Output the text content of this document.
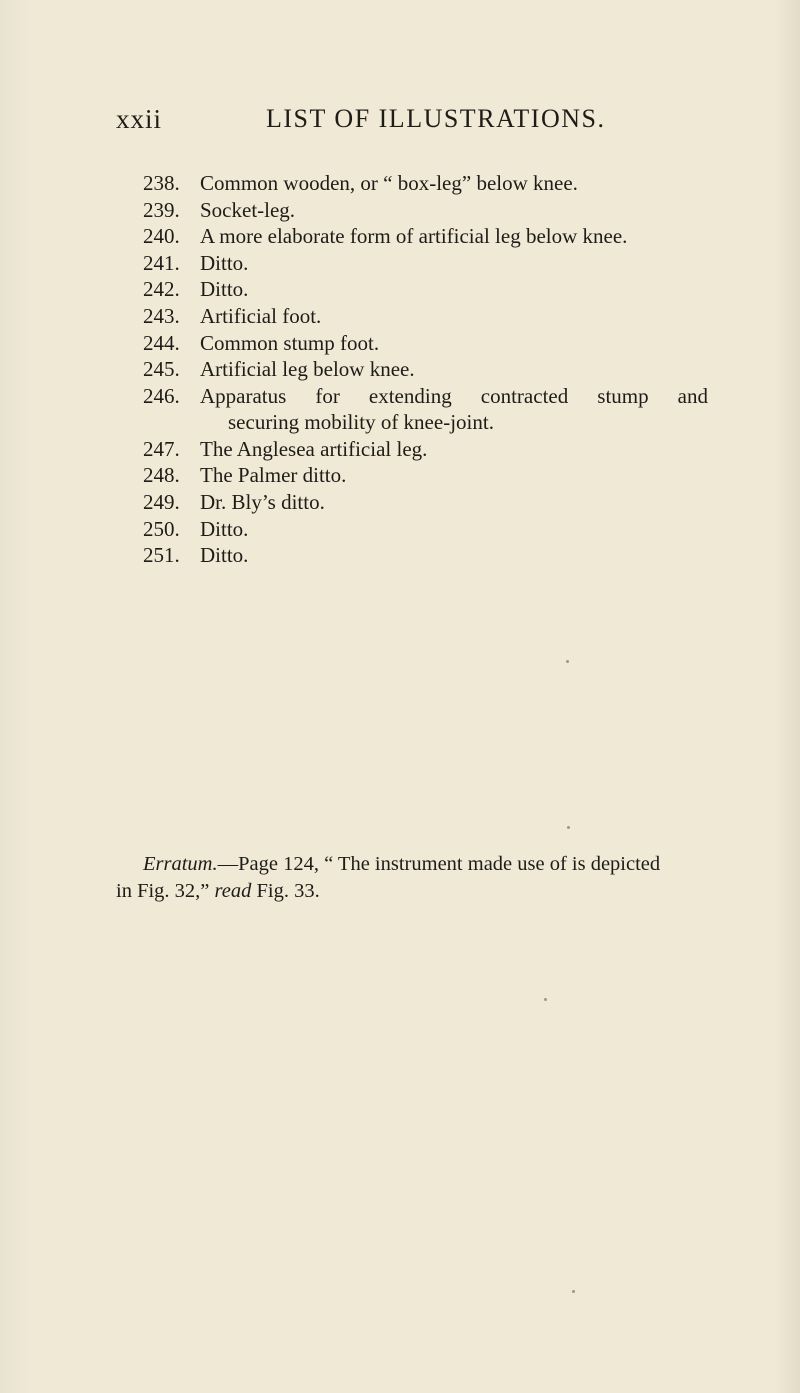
xxii	LIST OF ILLUSTRATIONS.
238. Common wooden, or “ box-leg” below knee.
239. Socket-leg.
240. A more elaborate form of artificial leg below knee.
241. Ditto.
242. Ditto.
243. Artificial foot.
244. Common stump foot.
245. Artificial leg below knee.
246. Apparatus for extending contracted stump and
securing mobility of knee-joint.
247. The Anglesea artificial leg.
248. The Palmer ditto.
249. Dr. Bly’s ditto.
250. Ditto.
251. Ditto.
Erratum.—Page 124, “ The instrument made use of is depicted
in Fig. 32,” read Fig. 33.
